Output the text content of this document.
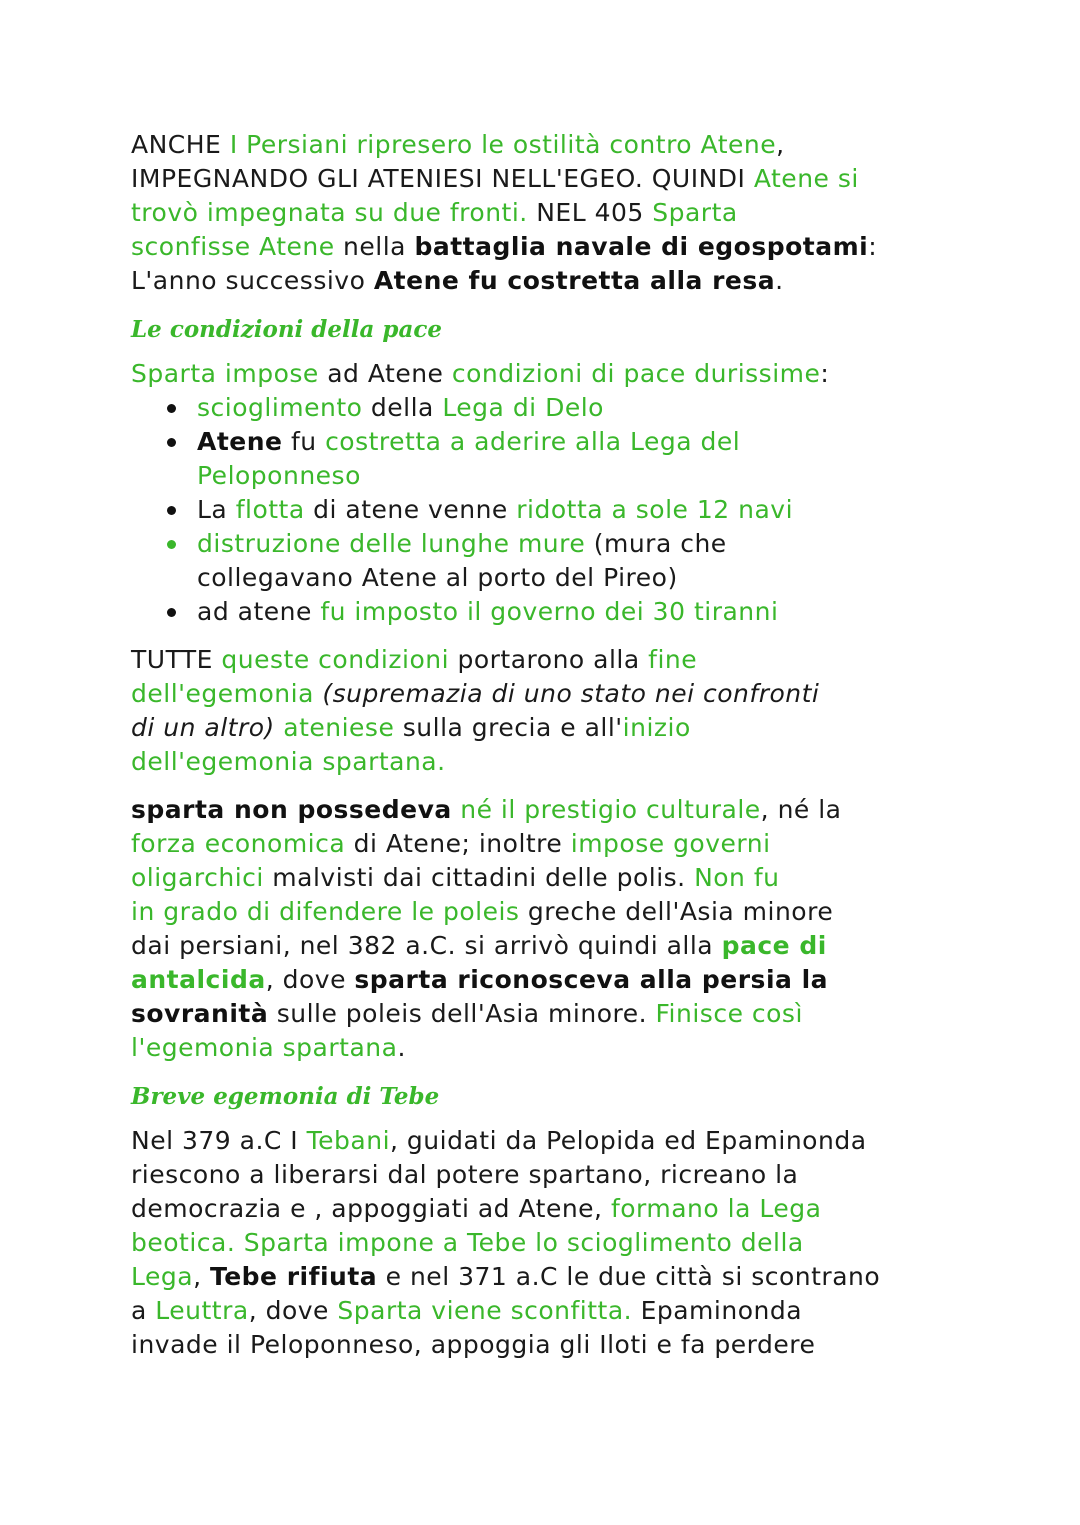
ANCHE I Persiani ripresero le ostilità contro Atene,
IMPEGNANDO GLI ATENIESI NELL'EGEO. QUINDI Atene si
trovò impegnata su due fronti. NEL 405 Sparta
sconfisse Atene nella battaglia navale di egospotami:
L'anno successivo Atene fu costretta alla resa.

Le condizioni della pace

Sparta impose ad Atene condizioni di pace durissime:

scioglimento della Lega di Delo
Atene fu costretta a aderire alla Lega del
Peloponneso
La flotta di atene venne ridotta a sole 12 navi
distruzione delle lunghe mure (mura che
collegavano Atene al porto del Pireo)
ad atene fu imposto il governo dei 30 tiranni

TUTTE queste condizioni portarono alla fine
dell'egemonia (supremazia di uno stato nei confronti
di un altro) ateniese sulla grecia e all'inizio
dell'egemonia spartana.

sparta non possedeva né il prestigio culturale, né la
forza economica di Atene; inoltre impose governi
oligarchici malvisti dai cittadini delle polis. Non fu
in grado di difendere le poleis greche dell'Asia minore
dai persiani, nel 382 a.C. si arrivò quindi alla pace di
antalcida, dove sparta riconosceva alla persia la
sovranità sulle poleis dell'Asia minore. Finisce così
l'egemonia spartana.

Breve egemonia di Tebe

Nel 379 a.C I Tebani, guidati da Pelopida ed Epaminonda
riescono a liberarsi dal potere spartano, ricreano la
democrazia e , appoggiati ad Atene, formano la Lega
beotica. Sparta impone a Tebe lo scioglimento della
Lega, Tebe rifiuta e nel 371 a.C le due città si scontrano
a Leuttra, dove Sparta viene sconfitta. Epaminonda
invade il Peloponneso, appoggia gli Iloti e fa perdere
